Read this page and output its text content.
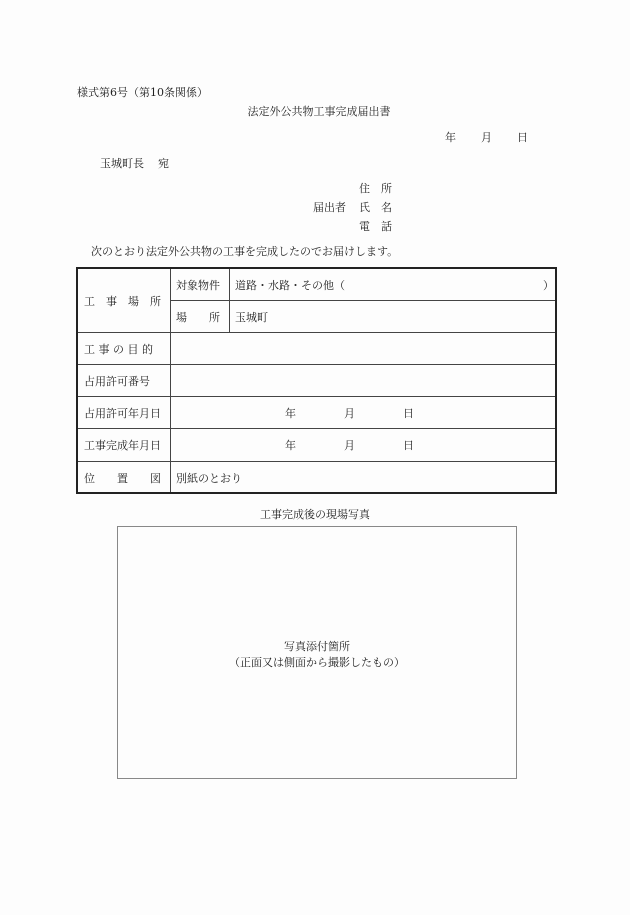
様式第6号（第10条関係）
法定外公共物工事完成届出書
年 月 日
玉城町長 宛
届出者
住　所
氏　名
電　話
次のとおり法定外公共物の工事を完成したのでお届けします。
工　事　場　所
対象物件 道路・水路・その他（	）
場　　所 玉城町
工 事 の 目 的
占用許可番号
占用許可年月日	年	月	日
工事完成年月日	年	月	日
位　　置　　図 別紙のとおり
工事完成後の現場写真
写真添付箇所
（正面又は側面から撮影したもの）
